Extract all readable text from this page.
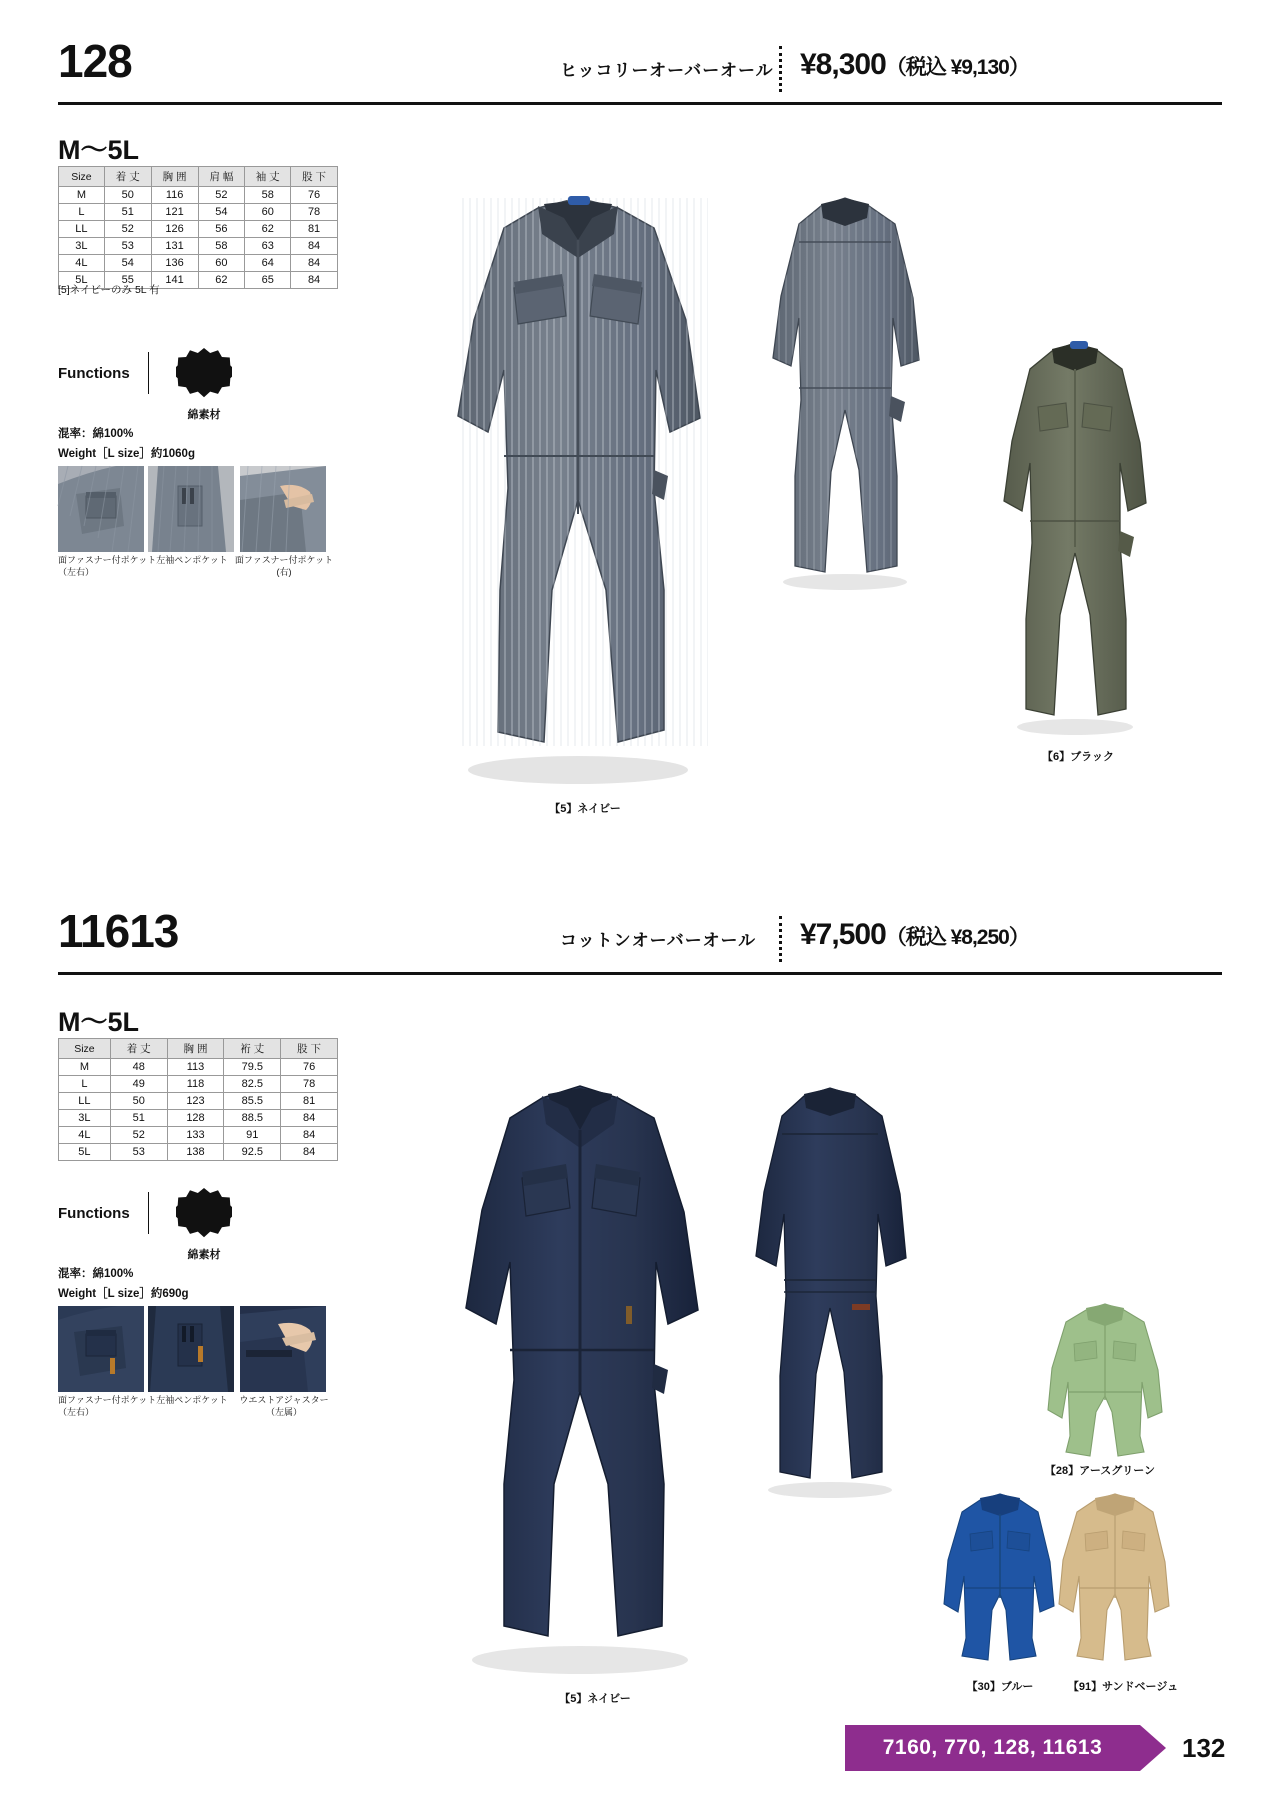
128	ヒッコリーオーバーオール ¥8,300（税込 ¥9,130）
M〜5L
Size	着 丈	胸 囲	肩 幅	袖 丈	股 下
M	50	116	52	58	76
L	51	121	54	60	78
LL	52	126	56	62	81
3L	53	131	58	63	84
4L	54	136	60	64	84
5L	55	141	62	65	84
[5]ネイビーのみ 5L 有
Functions
綿素材
混率：綿100%
Weight［L size］約1060g
面ファスナー付ポケット
（左右）
左袖ペンポケット 面ファスナー付ポケット(右)
【5】ネイビー
【6】ブラック
11613	コットンオーバーオール ¥7,500（税込 ¥8,250）
M〜5L
Size	着 丈	胸 囲	裄 丈	股 下
M	48	113	79.5	76
L	49	118	82.5	78
LL	50	123	85.5	81
3L	51	128	88.5	84
4L	52	133	91	84
5L	53	138	92.5	84
Functions
綿素材
混率：綿100%
Weight［L size］約690g
面ファスナー付ポケット
（左右）
左袖ペンポケット	ウエストアジャスター
（左属）
【5】ネイビー
【28】アースグリーン
【30】ブルー	【91】サンドベージュ
7160, 770, 128, 11613	132
